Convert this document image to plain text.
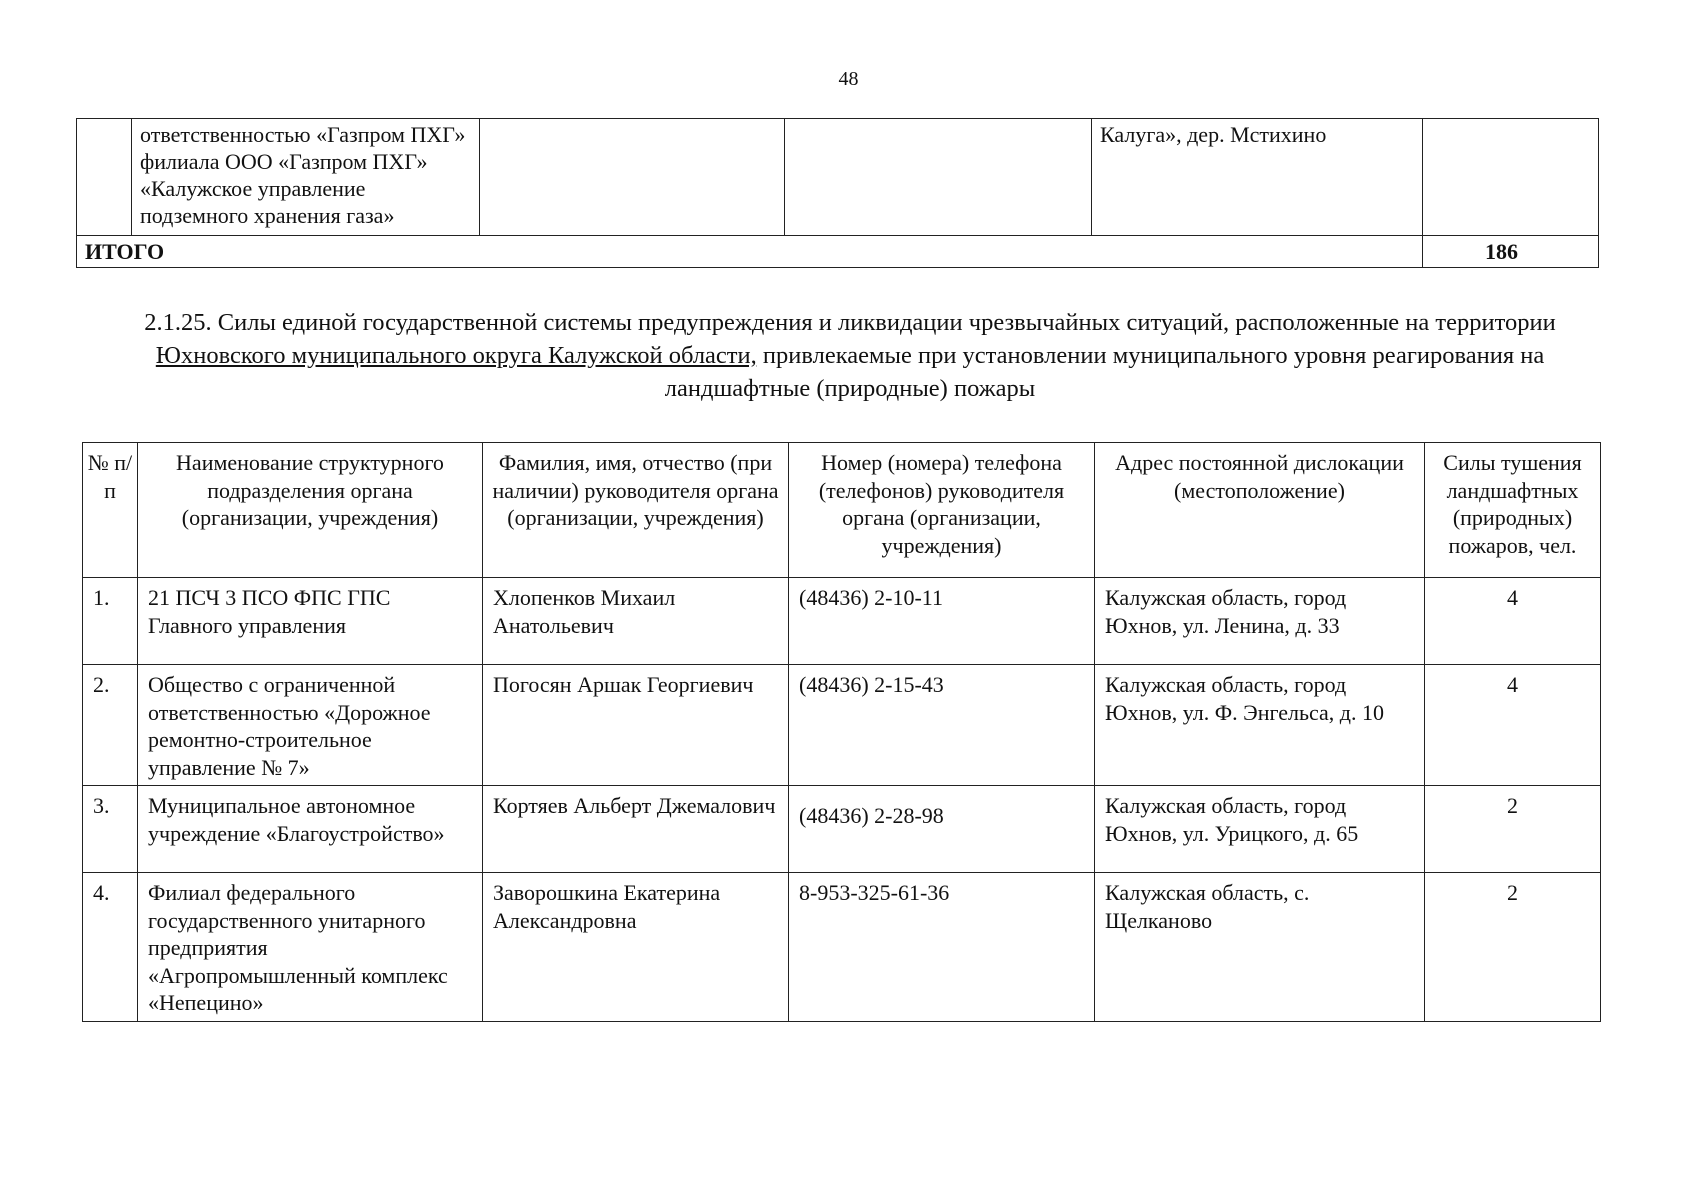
48
	ответственностью «Газпром ПХГ» филиала ООО «Газпром ПХГ» «Калужское управление подземного хранения газа»			Калуга», дер. Мстихино	
ИТОГО					186
2.1.25. Силы единой государственной системы предупреждения и ликвидации чрезвычайных ситуаций, расположенные на территории Юхновского муниципального округа Калужской области, привлекаемые при установлении муниципального уровня реагирования на ландшафтные (природные) пожары
№ п/п	Наименование структурного подразделения органа (организации, учреждения)	Фамилия, имя, отчество (при наличии) руководителя органа (организации, учреждения)	Номер (номера) телефона (телефонов) руководителя органа (организации, учреждения)	Адрес постоянной дислокации (местоположение)	Силы тушения ландшафтных (природных) пожаров, чел.
1.	21 ПСЧ 3 ПСО ФПС ГПС Главного управления	Хлопенков Михаил Анатольевич	(48436) 2-10-11	Калужская область, город Юхнов, ул. Ленина, д. 33	4
2.	Общество с ограниченной ответственностью «Дорожное ремонтно-строительное управление № 7»	Погосян Аршак Георгиевич	(48436) 2-15-43	Калужская область, город Юхнов, ул. Ф. Энгельса, д. 10	4
3.	Муниципальное автономное учреждение «Благоустройство»	Кортяев Альберт Джемалович	(48436) 2-28-98	Калужская область, город Юхнов, ул. Урицкого, д. 65	2
4.	Филиал федерального государственного унитарного предприятия «Агропромышленный комплекс «Непецино»	Заворошкина Екатерина Александровна	8-953-325-61-36	Калужская область, с. Щелканово	2
